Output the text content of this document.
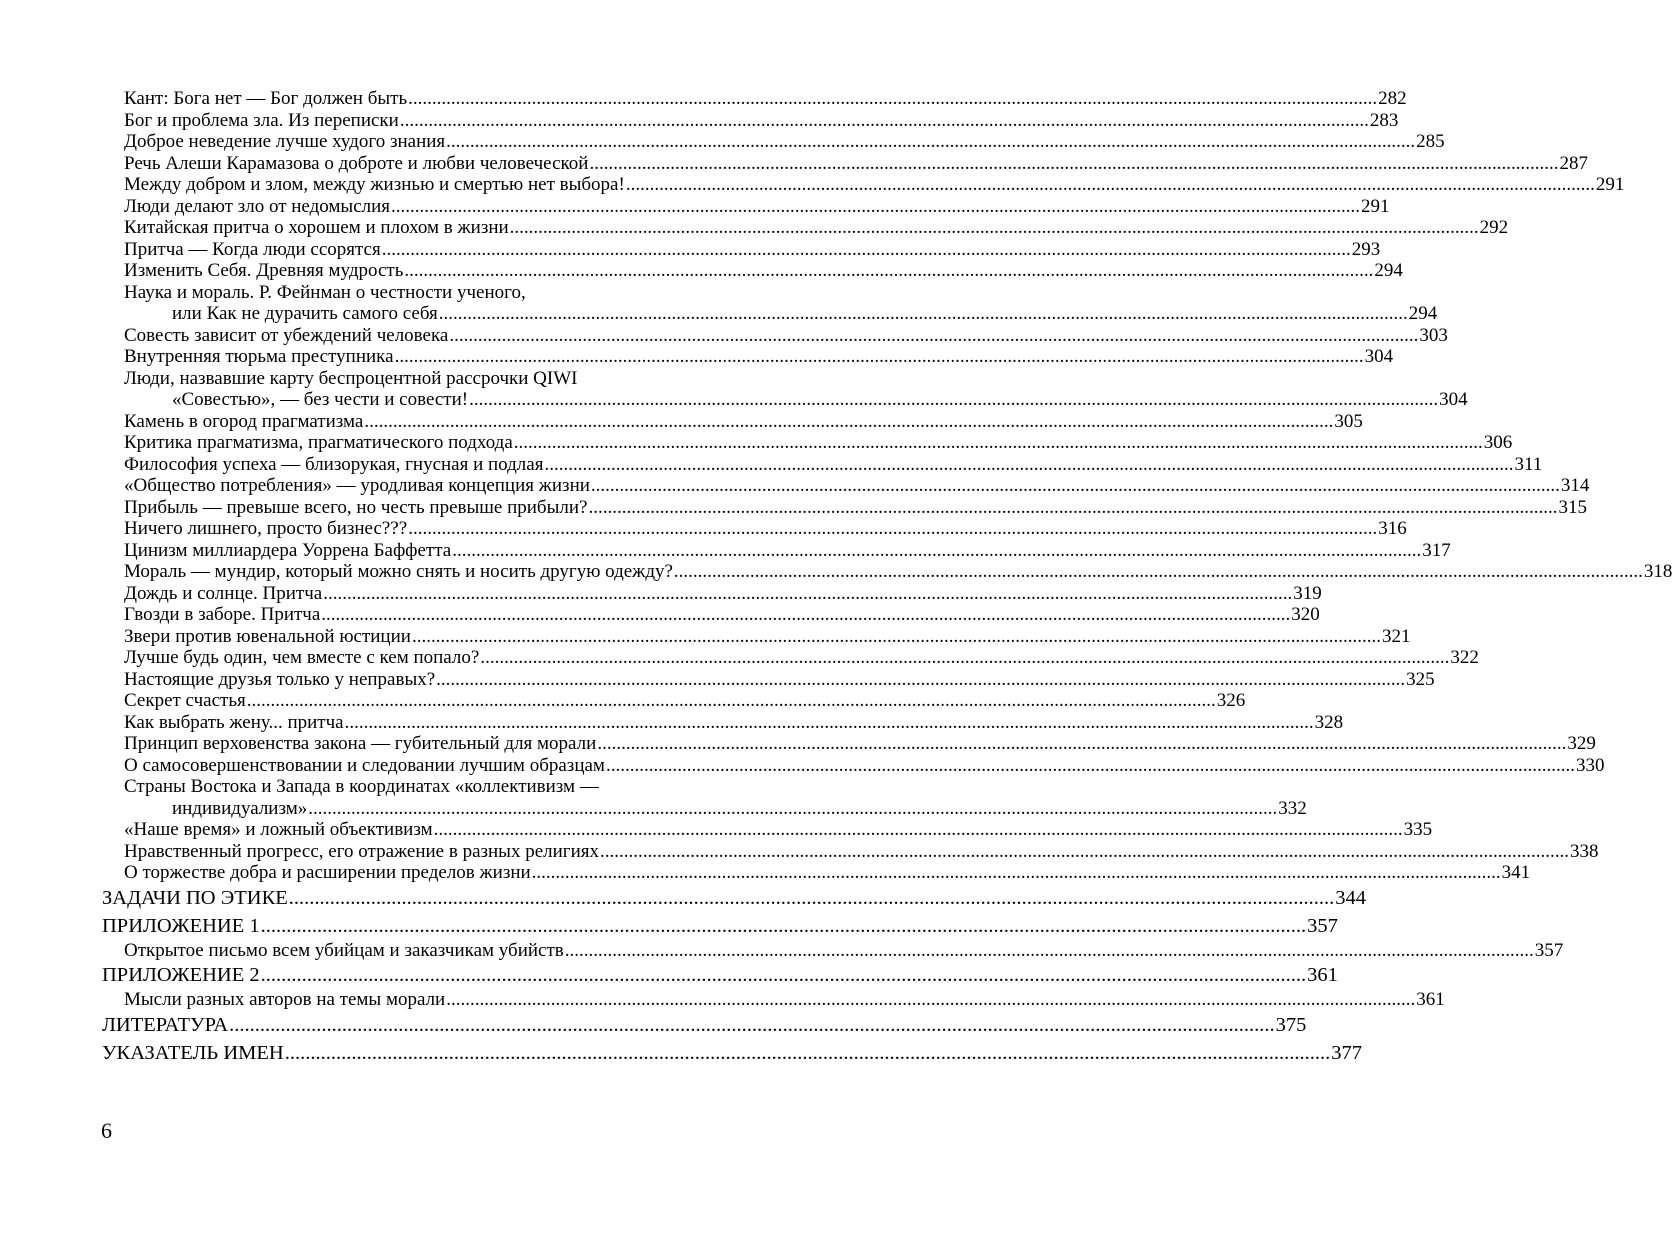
Кант: Бога нет — Бог должен быть .....	282
Бог и проблема зла. Из переписки .....	283
Доброе неведение лучше худого знания .....	285
Речь Алеши Карамазова о доброте и любви человеческой .....	287
Между добром и злом, между жизнью и смертью нет выбора! .....	291
Люди делают зло от недомыслия .....	291
Китайская притча о хорошем и плохом в жизни .....	292
Притча — Когда люди ссорятся .....	293
Изменить Себя. Древняя мудрость .....	294
Наука и мораль. Р. Фейнман о честности ученого,
или Как не дурачить самого себя .....	294
Совесть зависит от убеждений человека .....	303
Внутренняя тюрьма преступника .....	304
Люди, назвавшие карту беспроцентной рассрочки QIWI
«Совестью», — без чести и совести! .....	304
Камень в огород прагматизма .....	305
Критика прагматизма, прагматического подхода .....	306
Философия успеха — близорукая, гнусная и подлая .....	311
«Общество потребления» — уродливая концепция жизни .....	314
Прибыль — превыше всего, но честь превыше прибыли? .....	315
Ничего лишнего, просто бизнес??? .....	316
Цинизм миллиардера Уоррена Баффетта .....	317
Мораль — мундир, который можно снять и носить другую одежду? .....	318
Дождь и солнце. Притча .....	319
Гвозди в заборе. Притча .....	320
Звери против ювенальной юстиции .....	321
Лучше будь один, чем вместе с кем попало? .....	322
Настоящие друзья только у неправых? .....	325
Секрет счастья .....	326
Как выбрать жену... притча .....	328
Принцип верховенства закона — губительный для морали .....	329
О самосовершенствовании и следовании лучшим образцам .....	330
Страны Востока и Запада в координатах «коллективизм —
индивидуализм» .....	332
«Наше время» и ложный объективизм .....	335
Нравственный прогресс, его отражение в разных религиях .....	338
О торжестве добра и расширении пределов жизни .....	341
ЗАДАЧИ ПО ЭТИКЕ .....	344
ПРИЛОЖЕНИЕ 1 .....	357
Открытое письмо всем убийцам и заказчикам убийств .....	357
ПРИЛОЖЕНИЕ 2 .....	361
Мысли разных авторов на темы морали .....	361
ЛИТЕРАТУРА .....	375
УКАЗАТЕЛЬ ИМЕН .....	377
6
